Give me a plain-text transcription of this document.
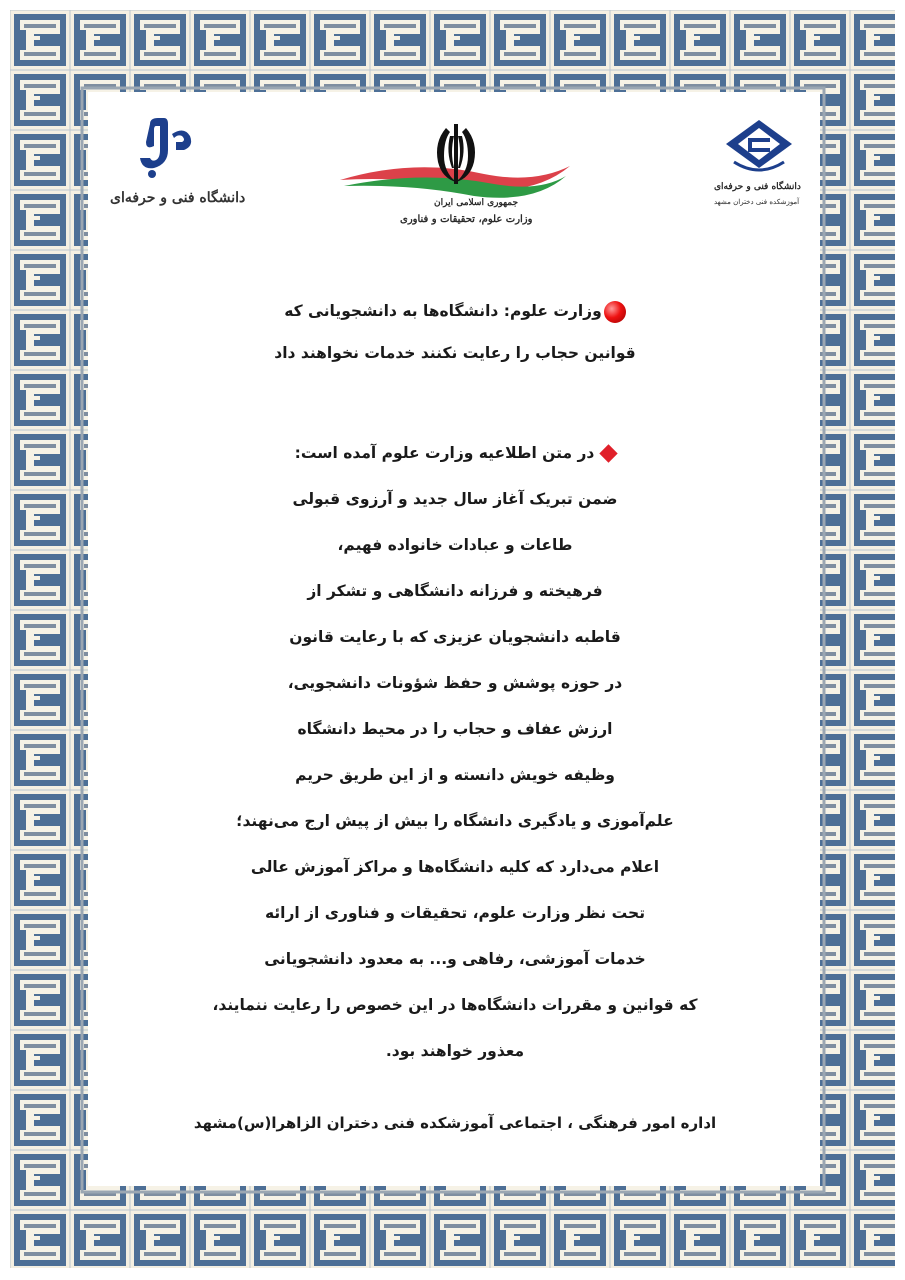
دانشگاه فنی و حرفه‌ای	جمهوری اسلامی ایران
وزارت علوم، تحقیقات و فناوری
دانشگاه فنی و حرفه‌ای
آموزشکده فنی دختران مشهد
وزارت علوم: دانشگاه‌ها به دانشجویانی که
قوانین حجاب را رعایت نکنند خدمات نخواهند داد
در متن اطلاعیه وزارت علوم آمده است:
ضمن تبریک آغاز سال جدید و آرزوی قبولی
طاعات و عبادات خانواده فهیم،
فرهیخته و فرزانه دانشگاهی و تشکر از
قاطبه دانشجویان عزیزی که با رعایت قانون
در حوزه پوشش و حفظ شؤونات دانشجویی،
ارزش عفاف و حجاب را در محیط دانشگاه
وظیفه خویش دانسته و از این طریق حریم
علم‌آموزی و یادگیری دانشگاه را بیش از پیش ارج می‌نهند؛
اعلام می‌دارد که کلیه دانشگاه‌ها و مراکز آموزش عالی
تحت نظر وزارت علوم، تحقیقات و فناوری از ارائه
خدمات آموزشی، رفاهی و... به معدود دانشجویانی
که قوانین و مقررات دانشگاه‌ها در این خصوص را رعایت ننمایند،
معذور خواهند بود.
اداره امور فرهنگی ، اجتماعی آموزشکده فنی دختران الزاهرا(س)مشهد
